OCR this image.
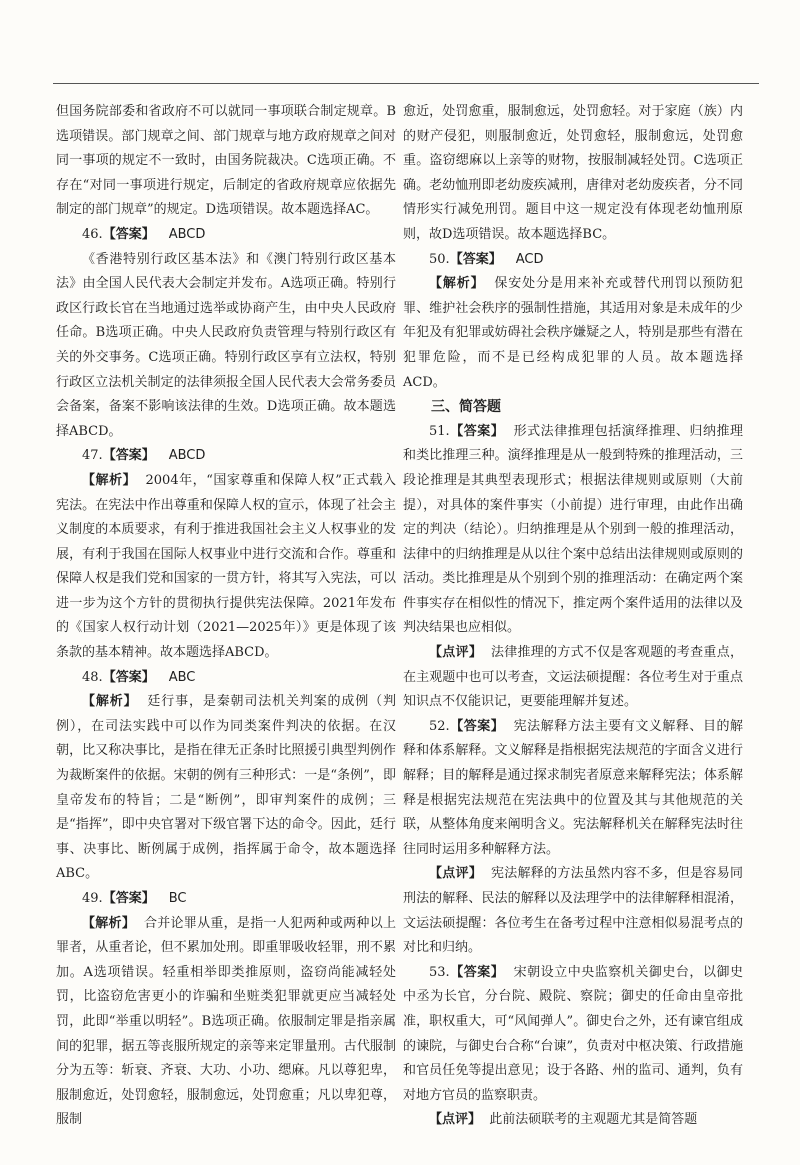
但国务院部委和省政府不可以就同一事项联合制定规章。B选项错误。部门规章之间、部门规章与地方政府规章之间对同一事项的规定不一致时，由国务院裁决。C选项正确。不存在“对同一事项进行规定，后制定的省政府规章应依据先制定的部门规章”的规定。D选项错误。故本题选择AC。

46.【答案】 ABCD

《香港特别行政区基本法》和《澳门特别行政区基本法》由全国人民代表大会制定并发布。A选项正确。特别行政区行政长官在当地通过选举或协商产生，由中央人民政府任命。B选项正确。中央人民政府负责管理与特别行政区有关的外交事务。C选项正确。特别行政区享有立法权，特别行政区立法机关制定的法律须报全国人民代表大会常务委员会备案，备案不影响该法律的生效。D选项正确。故本题选择ABCD。

47.【答案】 ABCD

【解析】 2004年，“国家尊重和保障人权”正式载入宪法。在宪法中作出尊重和保障人权的宣示，体现了社会主义制度的本质要求，有利于推进我国社会主义人权事业的发展，有利于我国在国际人权事业中进行交流和合作。尊重和保障人权是我们党和国家的一贯方针，将其写入宪法，可以进一步为这个方针的贯彻执行提供宪法保障。2021年发布的《国家人权行动计划（2021—2025年）》更是体现了该条款的基本精神。故本题选择ABCD。

48.【答案】 ABC

【解析】 廷行事，是秦朝司法机关判案的成例（判例），在司法实践中可以作为同类案件判决的依据。在汉朝，比又称决事比，是指在律无正条时比照援引典型判例作为裁断案件的依据。宋朝的例有三种形式：一是“条例”，即皇帝发布的特旨；二是“断例”，即审判案件的成例；三是“指挥”，即中央官署对下级官署下达的命令。因此，廷行事、决事比、断例属于成例，指挥属于命令，故本题选择ABC。

49.【答案】 BC

【解析】 合并论罪从重，是指一人犯两种或两种以上罪者，从重者论，但不累加处刑。即重罪吸收轻罪，刑不累加。A选项错误。轻重相举即类推原则，盗窃尚能减轻处罚，比盗窃危害更小的诈骗和坐赃类犯罪就更应当减轻处罚，此即“举重以明轻”。B选项正确。依服制定罪是指亲属间的犯罪，据五等丧服所规定的亲等来定罪量刑。古代服制分为五等：斩衰、齐衰、大功、小功、缌麻。凡以尊犯卑，服制愈近，处罚愈轻，服制愈远，处罚愈重；凡以卑犯尊，服制

愈近，处罚愈重，服制愈远，处罚愈轻。对于家庭（族）内的财产侵犯，则服制愈近，处罚愈轻，服制愈远，处罚愈重。盗窃缌麻以上亲等的财物，按服制减轻处罚。C选项正确。老幼恤刑即老幼废疾减刑，唐律对老幼废疾者，分不同情形实行减免刑罚。题目中这一规定没有体现老幼恤刑原则，故D选项错误。故本题选择BC。

50.【答案】 ACD

【解析】 保安处分是用来补充或替代刑罚以预防犯罪、维护社会秩序的强制性措施，其适用对象是未成年的少年犯及有犯罪或妨碍社会秩序嫌疑之人，特别是那些有潜在犯罪危险，而不是已经构成犯罪的人员。故本题选择ACD。

三、简答题

51.【答案】 形式法律推理包括演绎推理、归纳推理和类比推理三种。演绎推理是从一般到特殊的推理活动，三段论推理是其典型表现形式；根据法律规则或原则（大前提），对具体的案件事实（小前提）进行审理，由此作出确定的判决（结论）。归纳推理是从个别到一般的推理活动，法律中的归纳推理是从以往个案中总结出法律规则或原则的活动。类比推理是从个别到个别的推理活动：在确定两个案件事实存在相似性的情况下，推定两个案件适用的法律以及判决结果也应相似。

【点评】 法律推理的方式不仅是客观题的考查重点，在主观题中也可以考查，文运法硕提醒：各位考生对于重点知识点不仅能识记，更要能理解并复述。

52.【答案】 宪法解释方法主要有文义解释、目的解释和体系解释。文义解释是指根据宪法规范的字面含义进行解释；目的解释是通过探求制宪者原意来解释宪法；体系解释是根据宪法规范在宪法典中的位置及其与其他规范的关联，从整体角度来阐明含义。宪法解释机关在解释宪法时往往同时运用多种解释方法。

【点评】 宪法解释的方法虽然内容不多，但是容易同刑法的解释、民法的解释以及法理学中的法律解释相混淆，文运法硕提醒：各位考生在备考过程中注意相似易混考点的对比和归纳。

53.【答案】 宋朝设立中央监察机关御史台，以御史中丞为长官，分台院、殿院、察院；御史的任命由皇帝批准，职权重大，可“风闻弹人”。御史台之外，还有谏官组成的谏院，与御史台合称“台谏”，负责对中枢决策、行政措施和官员任免等提出意见；设于各路、州的监司、通判，负有对地方官员的监察职责。

【点评】 此前法硕联考的主观题尤其是简答题
